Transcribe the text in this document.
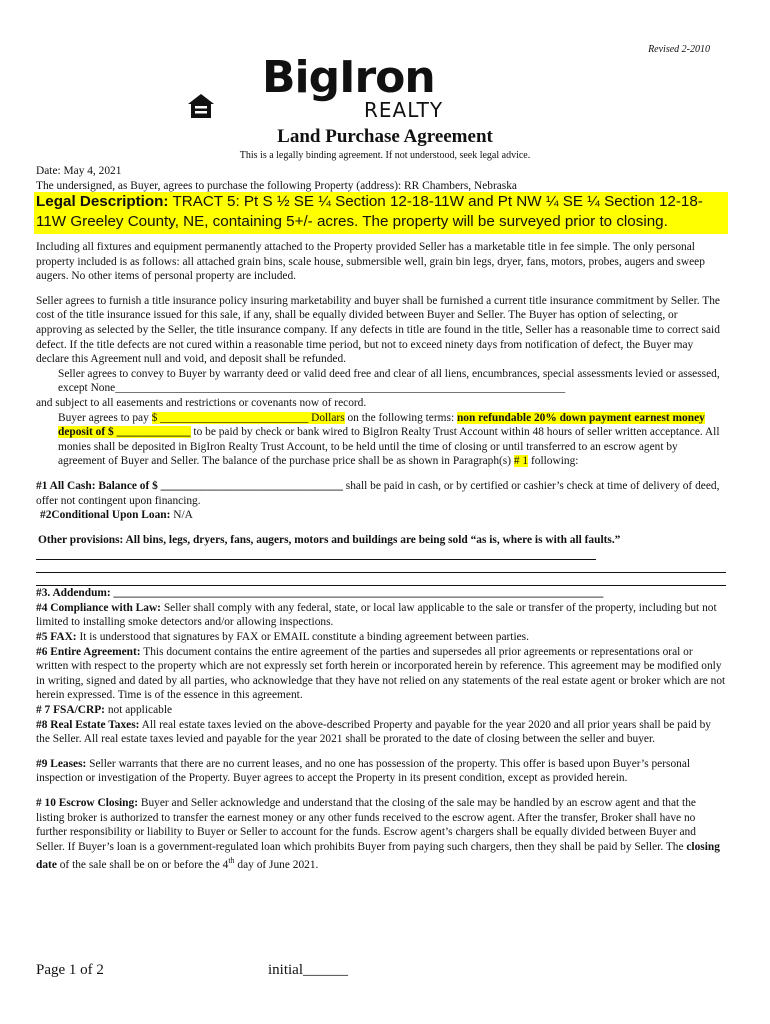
Revised 2-2010
BigIron
REALTY
Land Purchase Agreement
This is a legally binding agreement. If not understood, seek legal advice.

Date: May 4, 2021

The undersigned, as Buyer, agrees to purchase the following Property (address): RR Chambers, Nebraska

Legal Description: TRACT 5: Pt S ½ SE ¼ Section 12-18-11W and Pt NW ¼ SE ¼ Section 12-18-11W Greeley County, NE, containing 5+/- acres. The property will be surveyed prior to closing.

Including all fixtures and equipment permanently attached to the Property provided Seller has a marketable title in fee simple. The only personal property included is as follows: all attached grain bins, scale house, submersible well, grain bin legs, dryer, fans, motors, probes, augers and sweep augers. No other items of personal property are included.

Seller agrees to furnish a title insurance policy insuring marketability and buyer shall be furnished a current title insurance commitment by Seller. The cost of the title insurance issued for this sale, if any, shall be equally divided between Buyer and Seller. The Buyer has option of selecting, or approving as selected by the Seller, the title insurance company. If any defects in title are found in the title, Seller has a reasonable time to correct said defect. If the title defects are not cured within a reasonable time period, but not to exceed ninety days from notification of defect, the Buyer may declare this Agreement null and void, and deposit shall be refunded.

Seller agrees to convey to Buyer by warranty deed or valid deed free and clear of all liens, encumbrances, special assessments levied or assessed, except None_______________________________________________________________________________

and subject to all easements and restrictions or covenants now of record.

Buyer agrees to pay $ __________________________ Dollars on the following terms: non refundable 20% down payment earnest money deposit of $ _____________ to be paid by check or bank wired to BigIron Realty Trust Account within 48 hours of seller written acceptance. All monies shall be deposited in BigIron Realty Trust Account, to be held until the time of closing or until transferred to an escrow agent by agreement of Buyer and Seller. The balance of the purchase price shall be as shown in Paragraph(s) # 1 following:

#1 All Cash: Balance of $ ________________________________ shall be paid in cash, or by certified or cashier’s check at time of delivery of deed, offer not contingent upon financing.

#2Conditional Upon Loan: N/A

Other provisions: All bins, legs, dryers, fans, augers, motors and buildings are being sold “as is, where is with all faults.”

#3. Addendum: ______________________________________________________________________________________

#4 Compliance with Law: Seller shall comply with any federal, state, or local law applicable to the sale or transfer of the property, including but not limited to installing smoke detectors and/or allowing inspections.

#5 FAX: It is understood that signatures by FAX or EMAIL constitute a binding agreement between parties.

#6 Entire Agreement: This document contains the entire agreement of the parties and supersedes all prior agreements or representations oral or written with respect to the property which are not expressly set forth herein or incorporated herein by reference. This agreement may be modified only in writing, signed and dated by all parties, who acknowledge that they have not relied on any statements of the real estate agent or broker which are not herein expressed. Time is of the essence in this agreement.

# 7 FSA/CRP: not applicable

#8 Real Estate Taxes: All real estate taxes levied on the above-described Property and payable for the year 2020 and all prior years shall be paid by the Seller. All real estate taxes levied and payable for the year 2021 shall be prorated to the date of closing between the seller and buyer.

#9 Leases: Seller warrants that there are no current leases, and no one has possession of the property. This offer is based upon Buyer’s personal inspection or investigation of the Property. Buyer agrees to accept the Property in its present condition, except as provided herein.

# 10 Escrow Closing: Buyer and Seller acknowledge and understand that the closing of the sale may be handled by an escrow agent and that the listing broker is authorized to transfer the earnest money or any other funds received to the escrow agent. After the transfer, Broker shall have no further responsibility or liability to Buyer or Seller to account for the funds. Escrow agent’s chargers shall be equally divided between Buyer and Seller. If Buyer’s loan is a government-regulated loan which prohibits Buyer from paying such chargers, then they shall be paid by Seller. The closing date of the sale shall be on or before the 4th day of June 2021.

Page 1 of 2	initial______
